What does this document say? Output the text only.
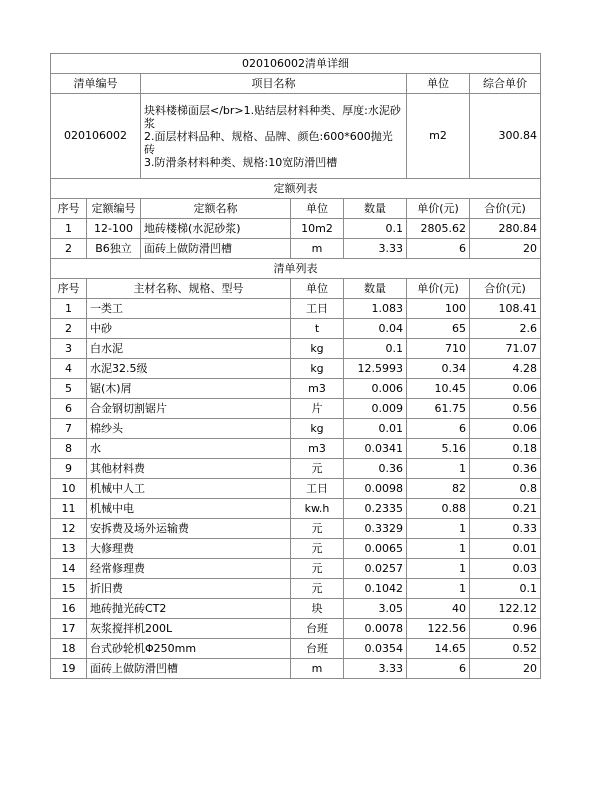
020106002清单详细						
清单编号		项目名称			单位	综合单价
020106002		块料楼梯面层</br>1.贴结层材料种类、厚度:水泥砂浆
2.面层材料品种、规格、品牌、颜色:600*600抛光砖
3.防滑条材料种类、规格:10宽防滑凹槽			m2	300.84
定额列表						
序号	定额编号	定额名称	单位	数量	单价(元)	合价(元)
1	12-100	地砖楼梯(水泥砂浆)	10m2	0.1	2805.62	280.84
2	B6独立	面砖上做防滑凹槽	m	3.33	6	20
清单列表						
序号	主材名称、规格、型号		单位	数量	单价(元)	合价(元)
1	一类工		工日	1.083	100	108.41
2	中砂		t	0.04	65	2.6
3	白水泥		kg	0.1	710	71.07
4	水泥32.5级		kg	12.5993	0.34	4.28
5	锯(木)屑		m3	0.006	10.45	0.06
6	合金钢切割锯片		片	0.009	61.75	0.56
7	棉纱头		kg	0.01	6	0.06
8	水		m3	0.0341	5.16	0.18
9	其他材料费		元	0.36	1	0.36
10	机械中人工		工日	0.0098	82	0.8
11	机械中电		kw.h	0.2335	0.88	0.21
12	安拆费及场外运输费		元	0.3329	1	0.33
13	大修理费		元	0.0065	1	0.01
14	经常修理费		元	0.0257	1	0.03
15	折旧费		元	0.1042	1	0.1
16	地砖抛光砖CT2		块	3.05	40	122.12
17	灰浆搅拌机200L		台班	0.0078	122.56	0.96
18	台式砂轮机Φ250mm		台班	0.0354	14.65	0.52
19	面砖上做防滑凹槽		m	3.33	6	20
